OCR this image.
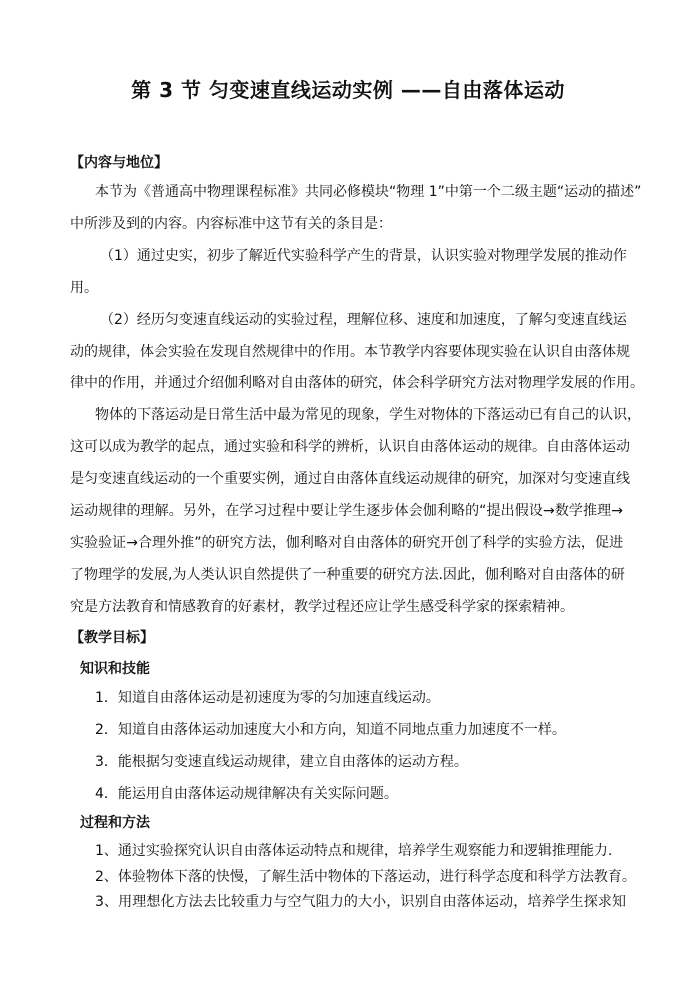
第 3 节 匀变速直线运动实例 ——自由落体运动
【内容与地位】
本节为《普通高中物理课程标准》共同必修模块“物理 1”中第一个二级主题“运动的描述”
中所涉及到的内容。内容标准中这节有关的条目是：
（1）通过史实，初步了解近代实验科学产生的背景，认识实验对物理学发展的推动作
用。
（2）经历匀变速直线运动的实验过程，理解位移、速度和加速度，了解匀变速直线运
动的规律，体会实验在发现自然规律中的作用。本节教学内容要体现实验在认识自由落体规
律中的作用，并通过介绍伽利略对自由落体的研究，体会科学研究方法对物理学发展的作用。
物体的下落运动是日常生活中最为常见的现象，学生对物体的下落运动已有自己的认识，
这可以成为教学的起点，通过实验和科学的辨析，认识自由落体运动的规律。自由落体运动
是匀变速直线运动的一个重要实例，通过自由落体直线运动规律的研究，加深对匀变速直线
运动规律的理解。另外，在学习过程中要让学生逐步体会伽利略的“提出假设→数学推理→
实验验证→合理外推”的研究方法，伽利略对自由落体的研究开创了科学的实验方法，促进
了物理学的发展,为人类认识自然提供了一种重要的研究方法.因此，伽利略对自由落体的研
究是方法教育和情感教育的好素材，教学过程还应让学生感受科学家的探索精神。
【教学目标】
知识和技能
1．知道自由落体运动是初速度为零的匀加速直线运动。
2．知道自由落体运动加速度大小和方向，知道不同地点重力加速度不一样。
3．能根据匀变速直线运动规律，建立自由落体的运动方程。
4．能运用自由落体运动规律解决有关实际问题。
过程和方法
1、通过实验探究认识自由落体运动特点和规律，培养学生观察能力和逻辑推理能力.
2、体验物体下落的快慢，了解生活中物体的下落运动，进行科学态度和科学方法教育。
3、用理想化方法去比较重力与空气阻力的大小，识别自由落体运动，培养学生探求知
